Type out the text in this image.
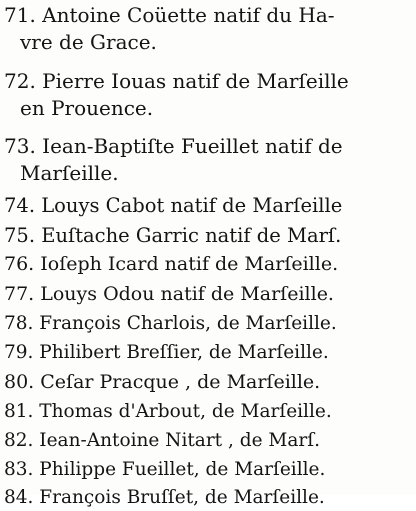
71. Antoine Coüette natif du Ha-
vre de Grace.
72. Pierre Iouas natif de Marſeille
en Prouence.
73. Iean-Baptiſte Fueillet natif de
Marſeille.
74. Louys Cabot natif de Marſeille
75. Euſtache Garric natif de Marſ.
76. Ioſeph Icard natif de Marſeille.
77. Louys Odou natif de Marſeille.
78. François Charlois, de Marſeille.
79. Philibert Breſſier, de Marſeille.
80. Ceſar Pracque , de Marſeille.
81. Thomas d'Arbout, de Marſeille.
82. Iean-Antoine Nitart , de Marſ.
83. Philippe Fueillet, de Marſeille.
84. François Bruſſet, de Marſeille.
